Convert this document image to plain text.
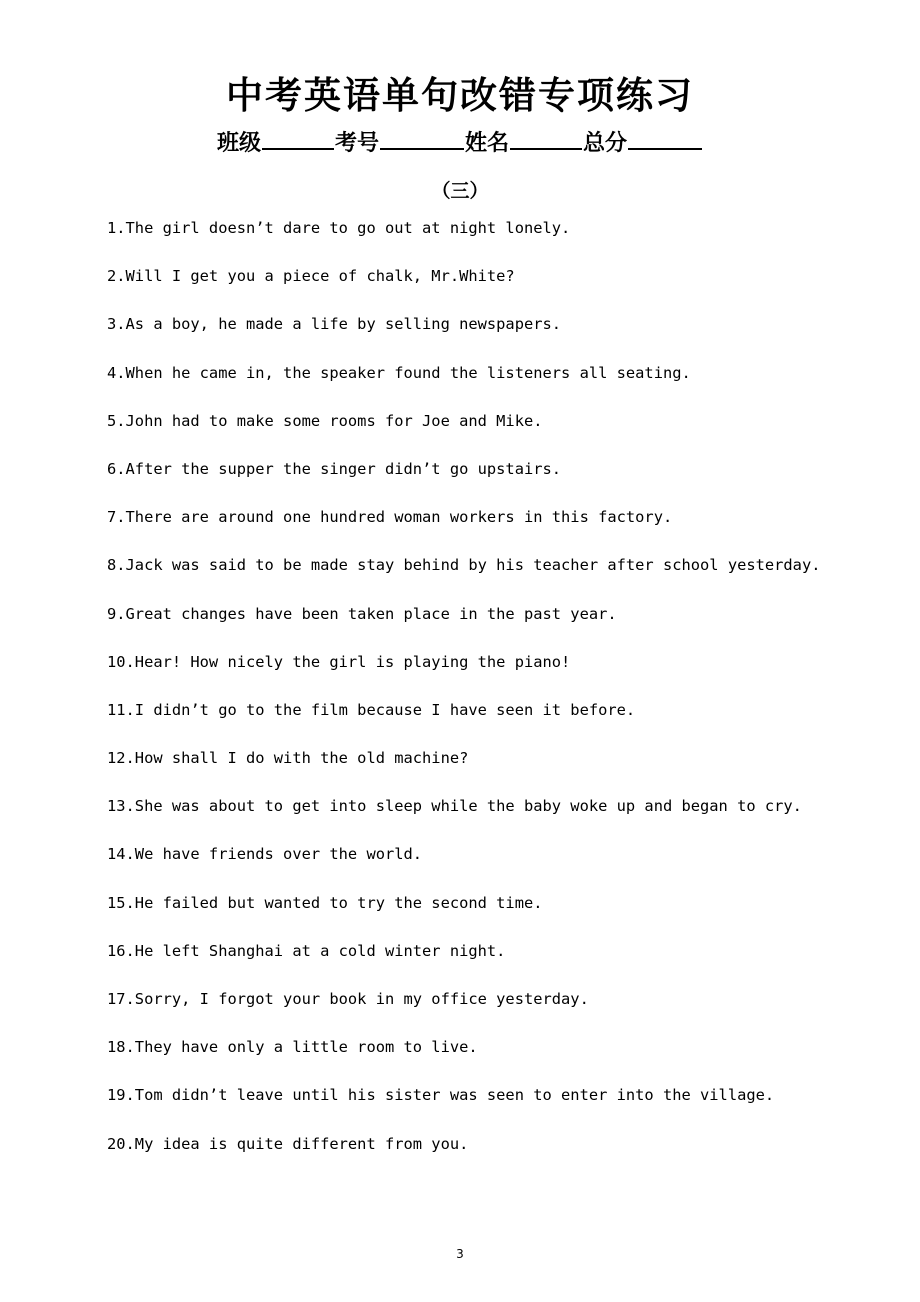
中考英语单句改错专项练习
班级	考号	姓名	总分
（三）
1.The girl doesn’t dare to go out at night lonely.
2.Will I get you a piece of chalk, Mr.White?
3.As a boy, he made a life by selling newspapers.
4.When he came in, the speaker found the listeners all seating.
5.John had to make some rooms for Joe and Mike.
6.After the supper the singer didn’t go upstairs.
7.There are around one hundred woman workers in this factory.
8.Jack was said to be made stay behind by his teacher after school yesterday.
9.Great changes have been taken place in the past year.
10.Hear! How nicely the girl is playing the piano!
11.I didn’t go to the film because I have seen it before.
12.How shall I do with the old machine?
13.She was about to get into sleep while the baby woke up and began to cry.
14.We have friends over the world.
15.He failed but wanted to try the second time.
16.He left Shanghai at a cold winter night.
17.Sorry, I forgot your book in my office yesterday.
18.They have only a little room to live.
19.Tom didn’t leave until his sister was seen to enter into the village.
20.My idea is quite different from you.
3
